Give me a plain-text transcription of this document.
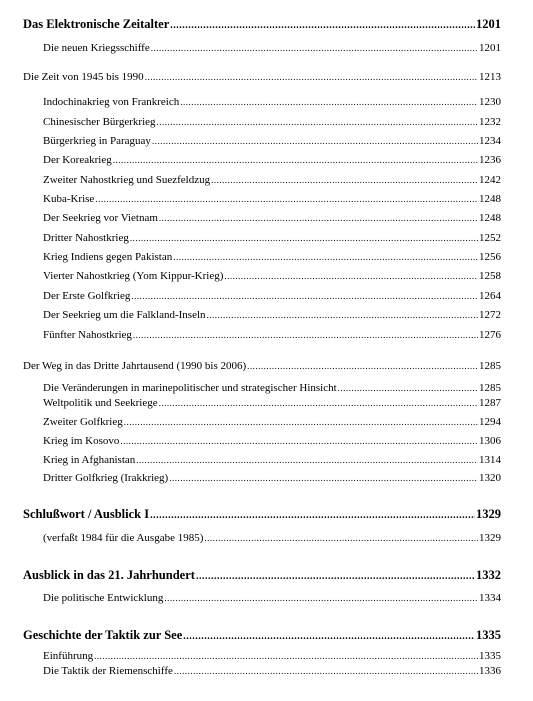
Das Elektronische Zeitalter .....	1201
Die neuen Kriegsschiffe .....	1201
Die Zeit von 1945 bis 1990 .....	1213
Indochinakrieg von Frankreich .....	1230
Chinesischer Bürgerkrieg .....	1232
Bürgerkrieg in Paraguay .....	1234
Der Koreakrieg .....	1236
Zweiter Nahostkrieg und Suezfeldzug .....	1242
Kuba-Krise .....	1248
Der Seekrieg vor Vietnam .....	1248
Dritter Nahostkrieg .....	1252
Krieg Indiens gegen Pakistan .....	1256
Vierter Nahostkrieg (Yom Kippur-Krieg) .....	1258
Der Erste Golfkrieg .....	1264
Der Seekrieg um die Falkland-Inseln .....	1272
Fünfter Nahostkrieg .....	1276
Der Weg in das Dritte Jahrtausend (1990 bis 2006) .....	1285
Die Veränderungen in marinepolitischer und strategischer Hinsicht .....	1285
Weltpolitik und Seekriege .....	1287
Zweiter Golfkrieg .....	1294
Krieg im Kosovo .....	1306
Krieg in Afghanistan .....	1314
Dritter Golfkrieg (Irakkrieg) .....	1320
Schlußwort / Ausblick I .....	1329
(verfaßt 1984 für die Ausgabe 1985) .....	1329
Ausblick in das 21. Jahrhundert .....	1332
Die politische Entwicklung .....	1334
Geschichte der Taktik zur See .....	1335
Einführung .....	1335
Die Taktik der Riemenschiffe .....	1336
